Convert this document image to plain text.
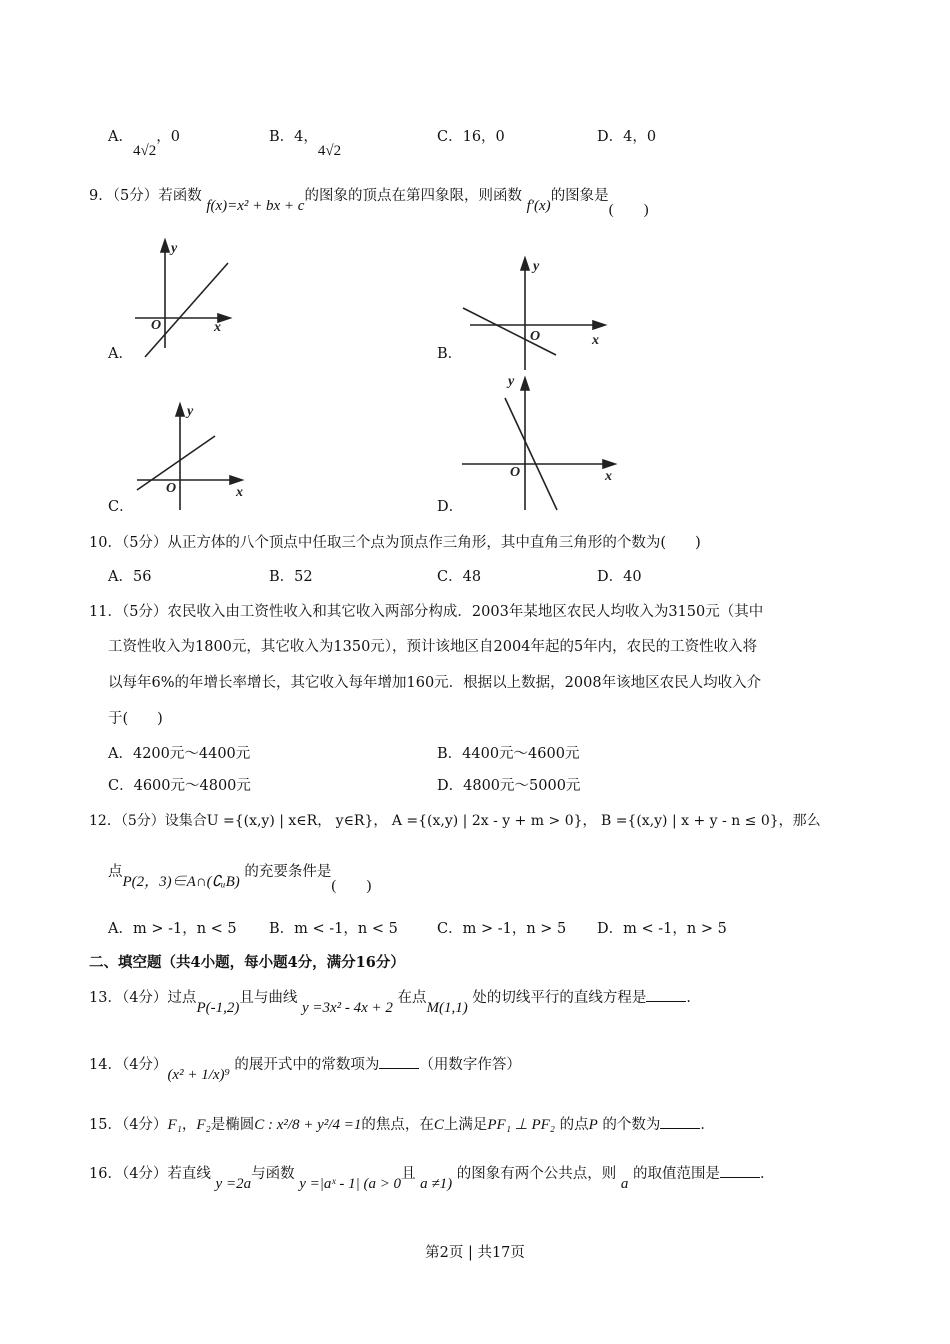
A．4√2，0	B．4，4√2
C．16，0	D．4，0
9．（5分）若函数 f(x)=x² + bx + c的图象的顶点在第四象限，则函数 f′(x)的图象是(　　)
O	x
y
O	x
y
O	x
y
O	x
y
A．	B．
C．	D．
10．（5分）从正方体的八个顶点中任取三个点为顶点作三角形，其中直角三角形的个数为(　　)
A．56	B．52	C．48	D．40
11．（5分）农民收入由工资性收入和其它收入两部分构成．2003年某地区农民人均收入为3150元（其中
工资性收入为1800元，其它收入为1350元），预计该地区自2004年起的5年内，农民的工资性收入将
以每年6%的年增长率增长，其它收入每年增加160元．根据以上数据，2008年该地区农民人均收入介
于(　　)
A．4200元～4400元	B．4400元～4600元
C．4600元～4800元	D．4800元～5000元
12．（5分）设集合U ={(x,y) | x∈R， y∈R}， A ={(x,y) | 2x - y + m > 0}， B ={(x,y) | x + y - n ≤ 0}，那么
点P(2，3)∈A∩(∁ᵤB) 的充要条件是(　　)
A．m > -1，n < 5 B．m < -1，n < 5	C．m > -1，n > 5 D．m < -1，n > 5
二、填空题（共4小题，每小题4分，满分16分）
13．（4分）过点P(-1,2)且与曲线 y =3x² - 4x + 2 在点M(1,1) 处的切线平行的直线方程是	．
14．（4分）(x² + 1/x)⁹ 的展开式中的常数项为	（用数字作答）
15．（4分）F₁，F₂是椭圆C : x²/8 + y²/4 =1的焦点，在C上满足PF₁ ⊥ PF₂ 的点P 的个数为	．
16．（4分）若直线 y =2a与函数 y =|aˣ - 1| (a > 0且 a ≠1) 的图象有两个公共点，则 a 的取值范围是	．
第2页 | 共17页
